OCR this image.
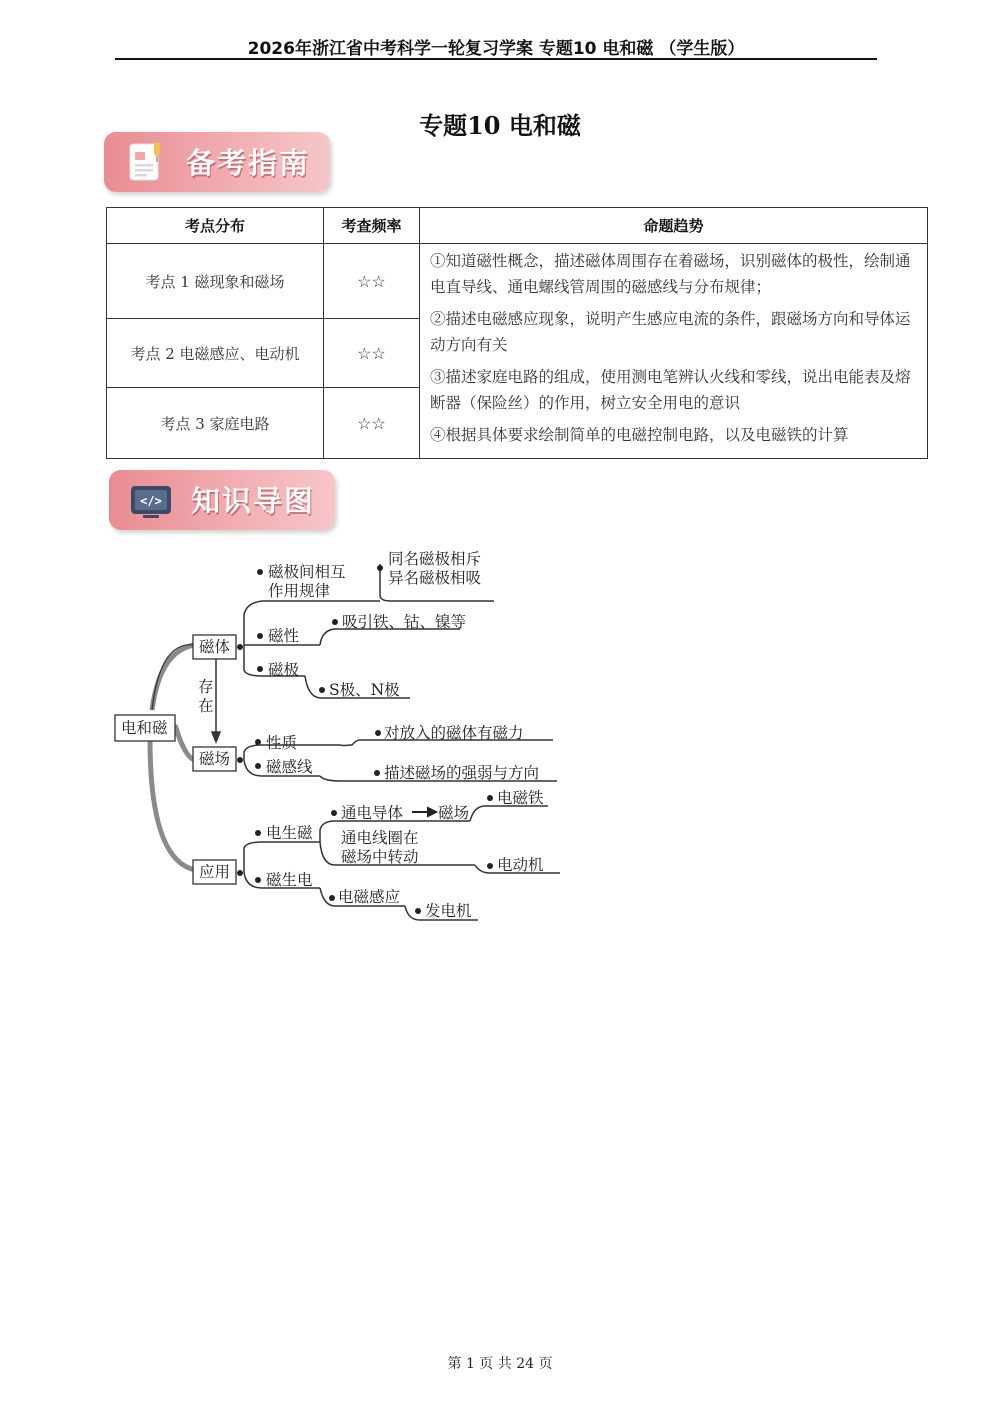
2026年浙江省中考科学一轮复习学案 专题10 电和磁 （学生版）
专题10 电和磁
备考指南
考点分布	考查频率	命题趋势
考点 1 磁现象和磁场	☆☆	①知道磁性概念，描述磁体周围存在着磁场，识别磁体的极性，绘制通电直导线、通电螺线管周围的磁感线与分布规律；

②描述电磁感应现象，说明产生感应电流的条件，跟磁场方向和导体运动方向有关

③描述家庭电路的组成，使用测电笔辨认火线和零线，说出电能表及熔断器（保险丝）的作用，树立安全用电的意识

④根据具体要求绘制简单的电磁控制电路，以及电磁铁的计算

考点 2 电磁感应、电动机	☆☆	
考点 3 家庭电路	☆☆	
</> 知识导图
电和磁
磁体
磁场
应用
存
在
磁极间相互
作用规律
同名磁极相斥
异名磁极相吸
磁性
吸引铁、钴、镍等
磁极
S极、N极
性质
对放入的磁体有磁力
磁感线	描述磁场的强弱与方向
电生磁
通电导体 磁场
电磁铁
通电线圈在
磁场中转动	电动机
磁生电
电磁感应
发电机
第 1 页 共 24 页
